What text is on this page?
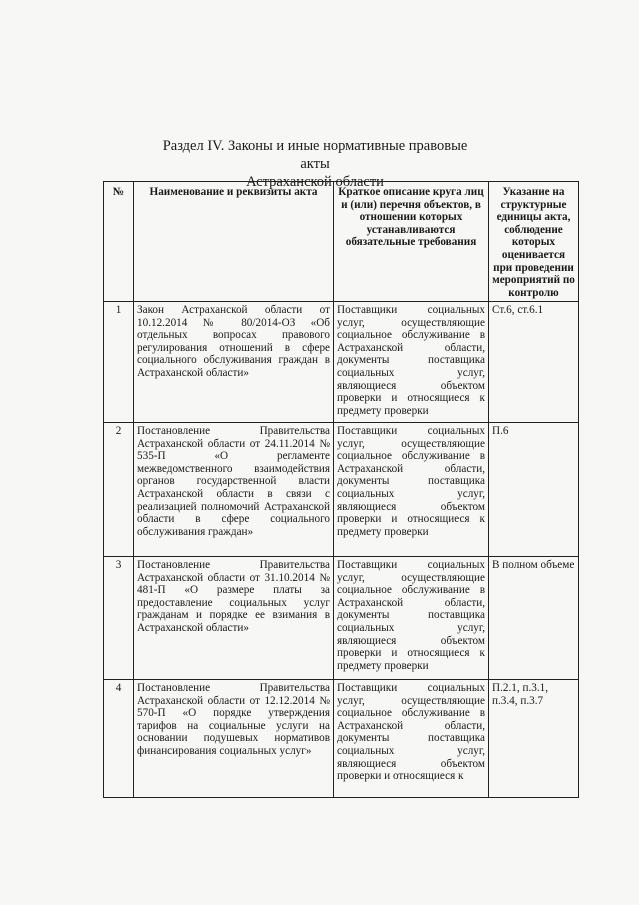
Раздел IV. Законы и иные нормативные правовые акты
Астраханской области
№	Наименование и реквизиты акта	Краткое описание круга лиц и (или) перечня объектов, в отношении которых устанавливаются обязательные требования	Указание на структурные единицы акта, соблюдение которых оценивается при проведении мероприятий по контролю
1	Закон Астраханской области от 10.12.2014 № 80/2014-ОЗ «Об отдельных вопросах правового регулирования отношений в сфере социального обслуживания граждан в Астраханской области»	Поставщики социальных услуг, осуществляющие социальное обслуживание в Астраханской области, документы поставщика социальных услуг, являющиеся объектом проверки и относящиеся к предмету проверки	Ст.6, ст.6.1
2	Постановление Правительства Астраханской области от 24.11.2014 № 535-П «О регламенте межведомственного взаимодействия органов государственной власти Астраханской области в связи с реализацией полномочий Астраханской области в сфере социального обслуживания граждан»	Поставщики социальных услуг, осуществляющие социальное обслуживание в Астраханской области, документы поставщика социальных услуг, являющиеся объектом проверки и относящиеся к предмету проверки	П.6
3	Постановление Правительства Астраханской области от 31.10.2014 № 481-П «О размере платы за предоставление социальных услуг гражданам и порядке ее взимания в Астраханской области»	Поставщики социальных услуг, осуществляющие социальное обслуживание в Астраханской области, документы поставщика социальных услуг, являющиеся объектом проверки и относящиеся к предмету проверки	В полном объеме
4	Постановление Правительства Астраханской области от 12.12.2014 № 570-П «О порядке утверждения тарифов на социальные услуги на основании подушевых нормативов финансирования социальных услуг»	Поставщики социальных услуг, осуществляющие социальное обслуживание в Астраханской области, документы поставщика социальных услуг, являющиеся объектом проверки и относящиеся к	П.2.1, п.3.1, п.3.4, п.3.7
